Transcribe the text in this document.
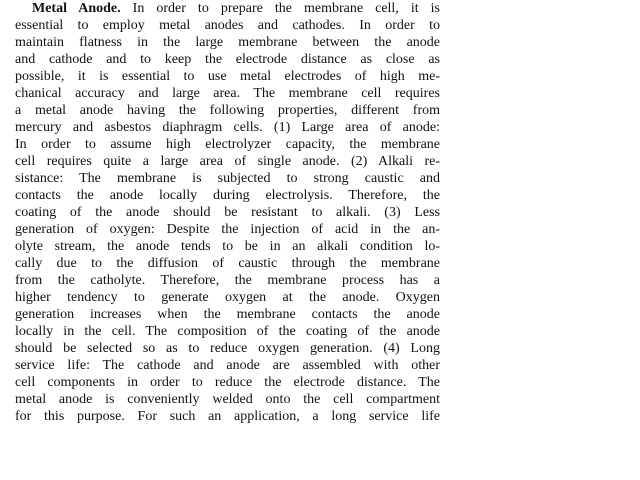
Metal Anode. In order to prepare the membrane cell, it is
essential to employ metal anodes and cathodes. In order to
maintain flatness in the large membrane between the anode
and cathode and to keep the electrode distance as close as
possible, it is essential to use metal electrodes of high me-
chanical accuracy and large area. The membrane cell requires
a metal anode having the following properties, different from
mercury and asbestos diaphragm cells. (1) Large area of anode:
In order to assume high electrolyzer capacity, the membrane
cell requires quite a large area of single anode. (2) Alkali re-
sistance: The membrane is subjected to strong caustic and
contacts the anode locally during electrolysis. Therefore, the
coating of the anode should be resistant to alkali. (3) Less
generation of oxygen: Despite the injection of acid in the an-
olyte stream, the anode tends to be in an alkali condition lo-
cally due to the diffusion of caustic through the membrane
from the catholyte. Therefore, the membrane process has a
higher tendency to generate oxygen at the anode. Oxygen
generation increases when the membrane contacts the anode
locally in the cell. The composition of the coating of the anode
should be selected so as to reduce oxygen generation. (4) Long
service life: The cathode and anode are assembled with other
cell components in order to reduce the electrode distance. The
metal anode is conveniently welded onto the cell compartment
for this purpose. For such an application, a long service life
